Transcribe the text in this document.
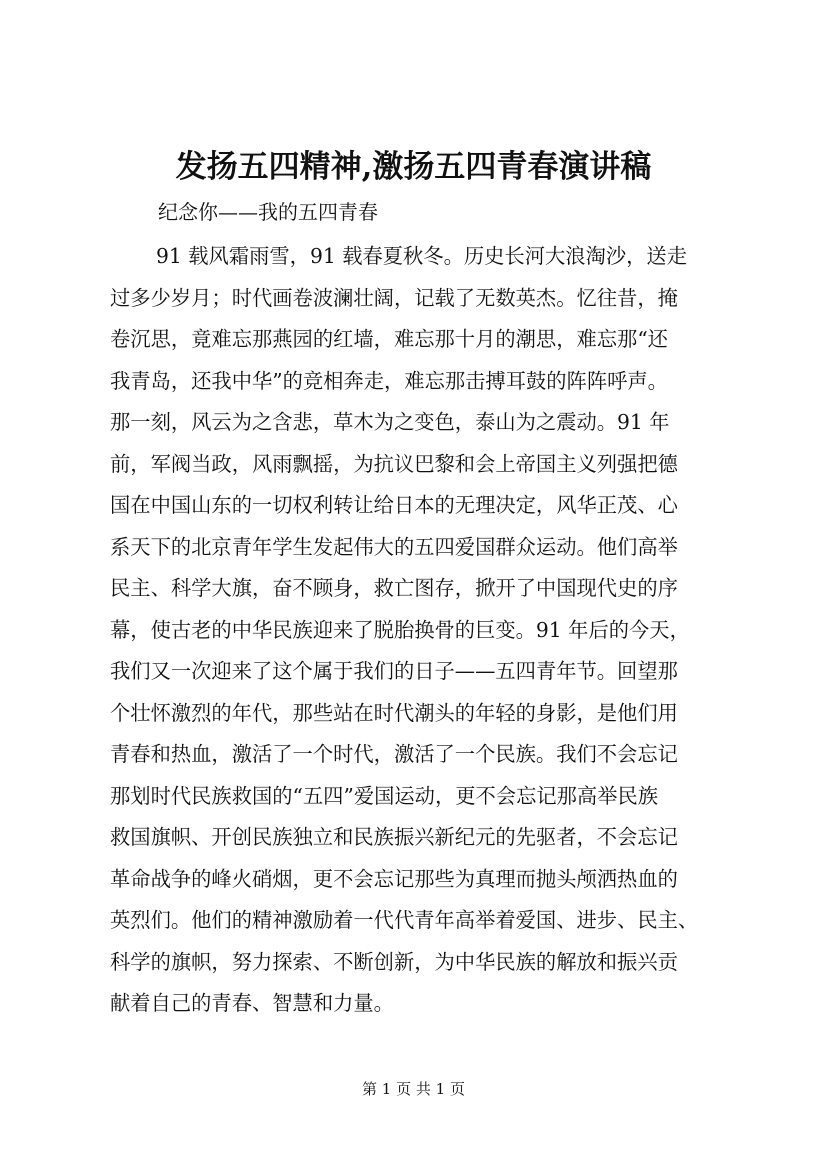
发扬五四精神,激扬五四青春演讲稿
纪念你——我的五四青春
91 载风霜雨雪，91 载春夏秋冬。历史长河大浪淘沙，送走
过多少岁月；时代画卷波澜壮阔，记载了无数英杰。忆往昔，掩
卷沉思，竟难忘那燕园的红墙，难忘那十月的潮思，难忘那“还
我青岛，还我中华”的竞相奔走，难忘那击搏耳鼓的阵阵呼声。
那一刻，风云为之含悲，草木为之变色，泰山为之震动。91 年
前，军阀当政，风雨飘摇，为抗议巴黎和会上帝国主义列强把德
国在中国山东的一切权利转让给日本的无理决定，风华正茂、心
系天下的北京青年学生发起伟大的五四爱国群众运动。他们高举
民主、科学大旗，奋不顾身，救亡图存，掀开了中国现代史的序
幕，使古老的中华民族迎来了脱胎换骨的巨变。91 年后的今天，
我们又一次迎来了这个属于我们的日子——五四青年节。回望那
个壮怀激烈的年代，那些站在时代潮头的年轻的身影，是他们用
青春和热血，激活了一个时代，激活了一个民族。我们不会忘记
那划时代民族救国的“五四”爱国运动，更不会忘记那高举民族
救国旗帜、开创民族独立和民族振兴新纪元的先驱者，不会忘记
革命战争的峰火硝烟，更不会忘记那些为真理而抛头颅洒热血的
英烈们。他们的精神激励着一代代青年高举着爱国、进步、民主、
科学的旗帜，努力探索、不断创新，为中华民族的解放和振兴贡
献着自己的青春、智慧和力量。
第 1 页 共 1 页
